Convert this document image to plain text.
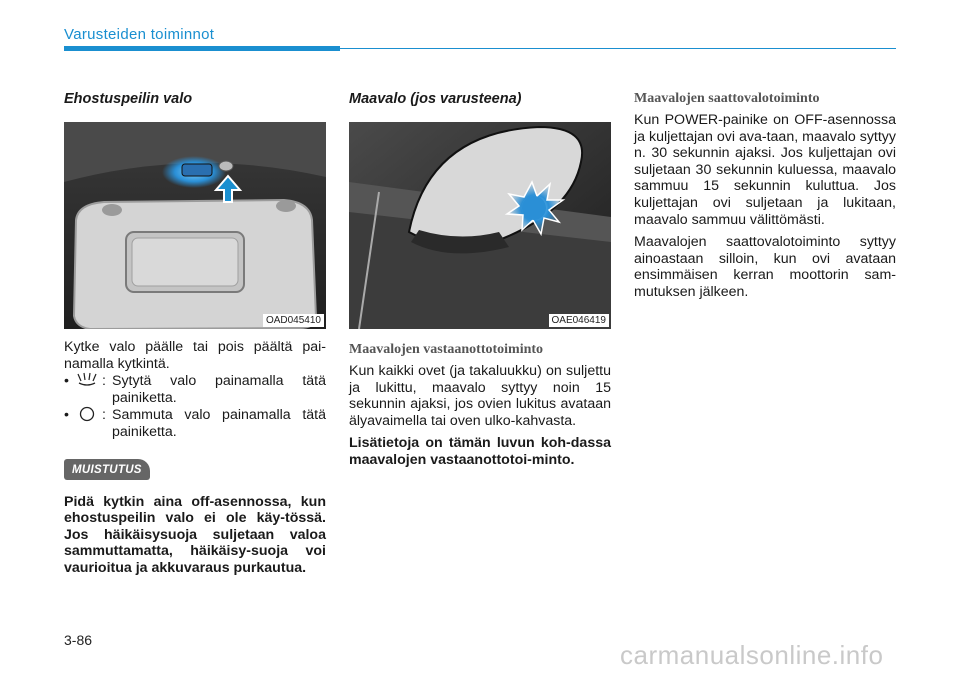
Varusteiden toiminnot
Ehostuspeilin valo
OAD045410

Kytke valo päälle tai pois päältä pai-namalla kytkintä.

• : Sytytä valo painamalla tätä painiketta.
• : Sammuta valo painamalla tätä painiketta.
MUISTUTUS

Pidä kytkin aina off-asennossa, kun ehostuspeilin valo ei ole käy-tössä. Jos häikäisysuoja suljetaan valoa sammuttamatta, häikäisy-suoja voi vaurioitua ja akkuvaraus purkautua.

Maavalo (jos varusteena)
OAE046419
Maavalojen vastaanottotoiminto

Kun kaikki ovet (ja takaluukku) on suljettu ja lukittu, maavalo syttyy noin 15 sekunnin ajaksi, jos ovien lukitus avataan älyavaimella tai oven ulko-kahvasta.

Lisätietoja on tämän luvun koh-dassa maavalojen vastaanottotoi-minto.

Maavalojen saattovalotoiminto

Kun POWER-painike on OFF-asennossa ja kuljettajan ovi ava-taan, maavalo syttyy n. 30 sekunnin ajaksi. Jos kuljettajan ovi suljetaan 30 sekunnin kuluessa, maavalo sammuu 15 sekunnin kuluttua. Jos kuljettajan ovi suljetaan ja lukitaan, maavalo sammuu välittömästi.

Maavalojen saattovalotoiminto syttyy ainoastaan silloin, kun ovi avataan ensimmäisen kerran moottorin sam-mutuksen jälkeen.

3-86	carmanualsonline.info
